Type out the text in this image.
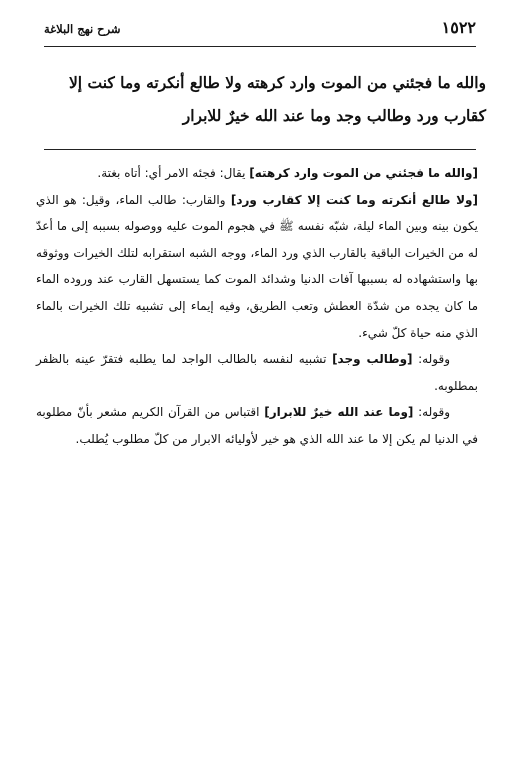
١٥٢٢
شرح نهج البلاغة
والله ما فجئني من الموت وارد كرهته ولا طالع أنكرته وما كنت إلا
كقارب ورد وطالب وجد وما عند الله خيرٌ للابرار

[والله ما فجئني من الموت وارد كرهته] يقال: فجئه الامر أي: أتاه بغتة.

[ولا طالع أنكرته وما كنت إلا كقارب ورد] والقارب: طالب الماء، وقيل: هو الذي يكون بينه وبين الماء ليلة، شبّه نفسه ﷺ في هجوم الموت عليه ووصوله بسببه إلى ما أعدّ له من الخيرات الباقية بالقارب الذي ورد الماء، ووجه الشبه استقرابه لتلك الخيرات ووثوقه بها واستشهاده له بسببها آفات الدنيا وشدائد الموت كما يستسهل القارب عند وروده الماء ما كان يجده من شدّة العطش وتعب الطريق، وفيه إيماء إلى تشبيه تلك الخيرات بالماء الذي منه حياة كلّ شيء.

وقوله: [وطالب وجد] تشبيه لنفسه بالطالب الواجد لما يطلبه فتقرّ عينه بالظفر بمطلوبه.

وقوله: [وما عند الله خيرٌ للابرار] اقتباس من القرآن الكريم مشعر بأنّ مطلوبه في الدنيا لم يكن إلا ما عند الله الذي هو خير لأوليائه الابرار من كلّ مطلوب يُطلب.
